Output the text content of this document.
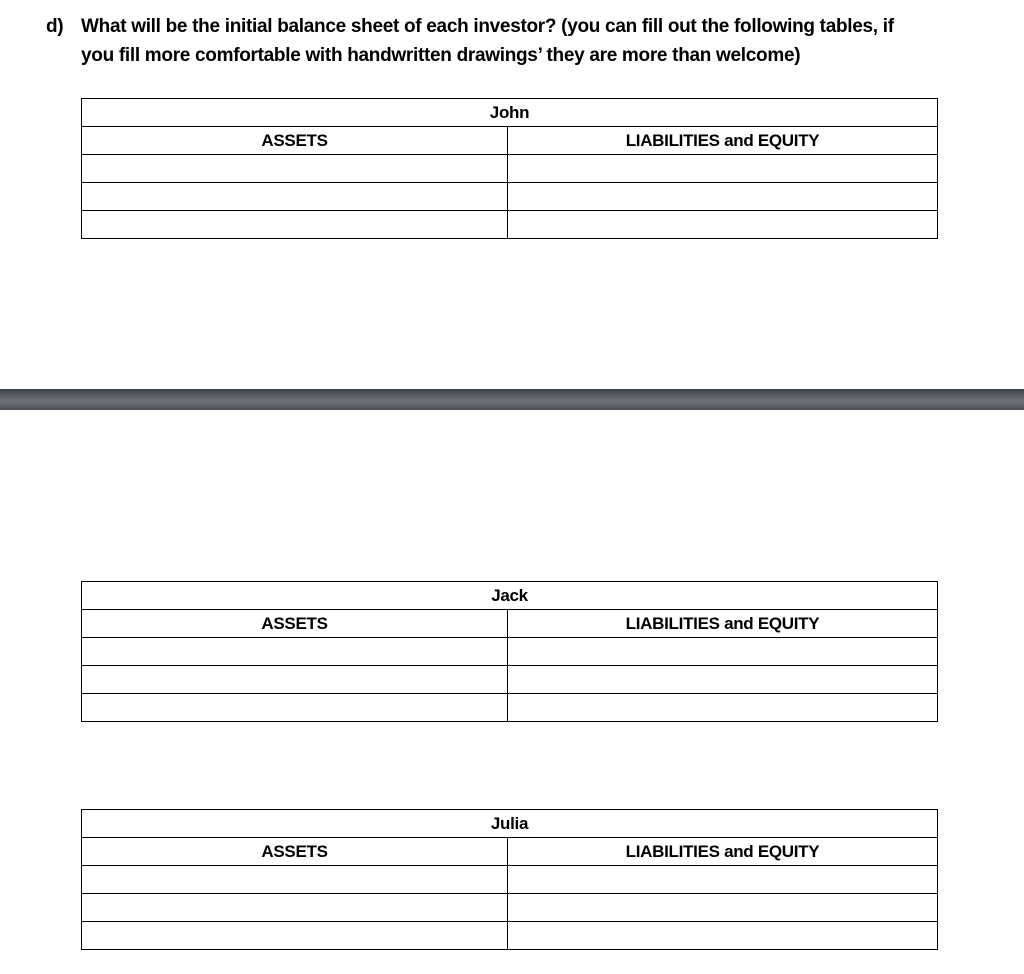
d) What will be the initial balance sheet of each investor? (you can fill out the following tables, if
you fill more comfortable with handwritten drawings’ they are more than welcome)
John	
ASSETS	LIABILITIES and EQUITY

Jack	
ASSETS	LIABILITIES and EQUITY

Julia	
ASSETS	LIABILITIES and EQUITY
